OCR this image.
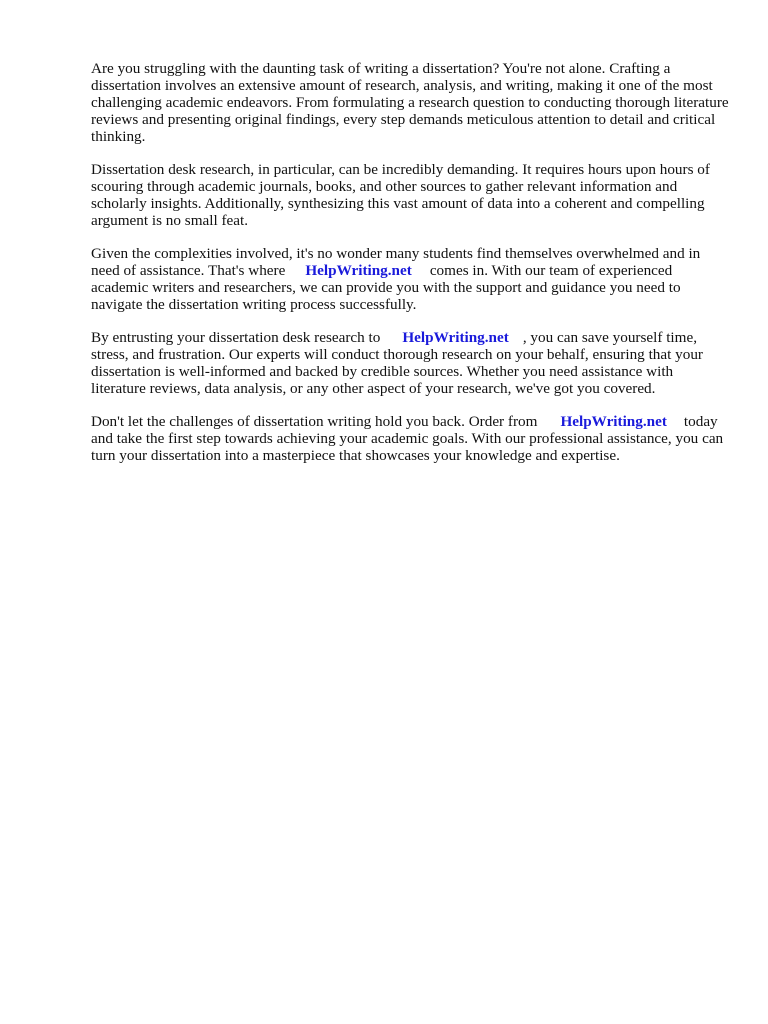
Are you struggling with the daunting task of writing a dissertation? You're not alone. Crafting a dissertation involves an extensive amount of research, analysis, and writing, making it one of the most challenging academic endeavors. From formulating a research question to conducting thorough literature reviews and presenting original findings, every step demands meticulous attention to detail and critical thinking.

Dissertation desk research, in particular, can be incredibly demanding. It requires hours upon hours of scouring through academic journals, books, and other sources to gather relevant information and scholarly insights. Additionally, synthesizing this vast amount of data into a coherent and compelling argument is no small feat.

Given the complexities involved, it's no wonder many students find themselves overwhelmed and in need of assistance. That's where HelpWriting.net comes in. With our team of experienced academic writers and researchers, we can provide you with the support and guidance you need to navigate the dissertation writing process successfully.

By entrusting your dissertation desk research to HelpWriting.net , you can save yourself time, stress, and frustration. Our experts will conduct thorough research on your behalf, ensuring that your dissertation is well-informed and backed by credible sources. Whether you need assistance with literature reviews, data analysis, or any other aspect of your research, we've got you covered.

Don't let the challenges of dissertation writing hold you back. Order from HelpWriting.net today and take the first step towards achieving your academic goals. With our professional assistance, you can turn your dissertation into a masterpiece that showcases your knowledge and expertise.
